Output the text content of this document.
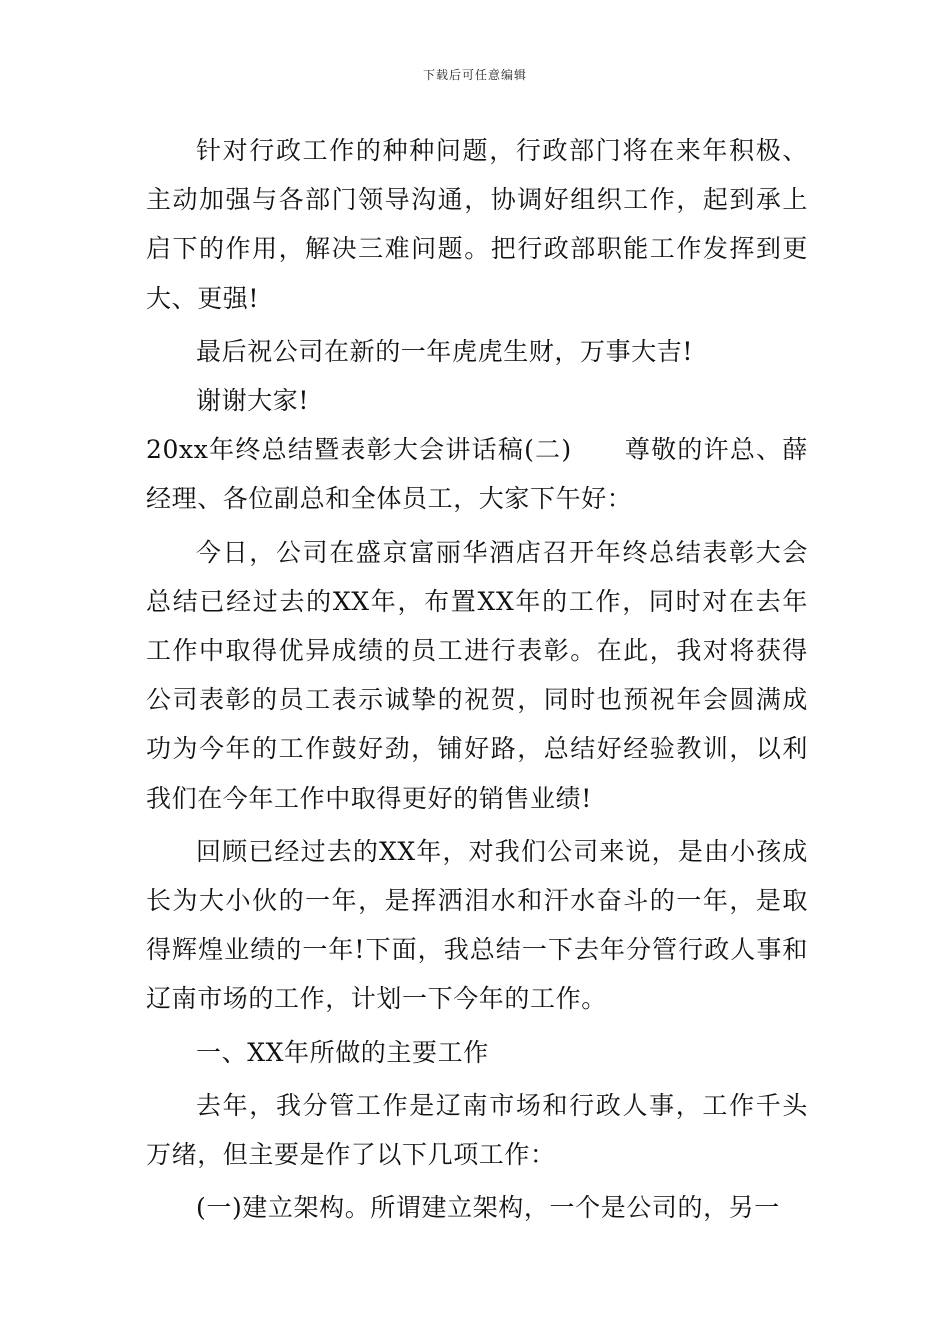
下载后可任意编辑

针对行政工作的种种问题，行政部门将在来年积极、主动加强与各部门领导沟通，协调好组织工作，起到承上启下的作用，解决三难问题。把行政部职能工作发挥到更大、更强!

最后祝公司在新的一年虎虎生财，万事大吉!

谢谢大家!

20xx年终总结暨表彰大会讲话稿(二)　　尊敬的许总、薛经理、各位副总和全体员工，大家下午好：

今日，公司在盛京富丽华酒店召开年终总结表彰大会总结已经过去的XX年，布置XX年的工作，同时对在去年工作中取得优异成绩的员工进行表彰。在此，我对将获得公司表彰的员工表示诚挚的祝贺，同时也预祝年会圆满成功为今年的工作鼓好劲，铺好路，总结好经验教训，以利我们在今年工作中取得更好的销售业绩!

回顾已经过去的XX年，对我们公司来说，是由小孩成长为大小伙的一年，是挥洒泪水和汗水奋斗的一年，是取得辉煌业绩的一年!下面，我总结一下去年分管行政人事和辽南市场的工作，计划一下今年的工作。

一、XX年所做的主要工作

去年，我分管工作是辽南市场和行政人事，工作千头万绪，但主要是作了以下几项工作：

(一)建立架构。所谓建立架构，一个是公司的，另一
